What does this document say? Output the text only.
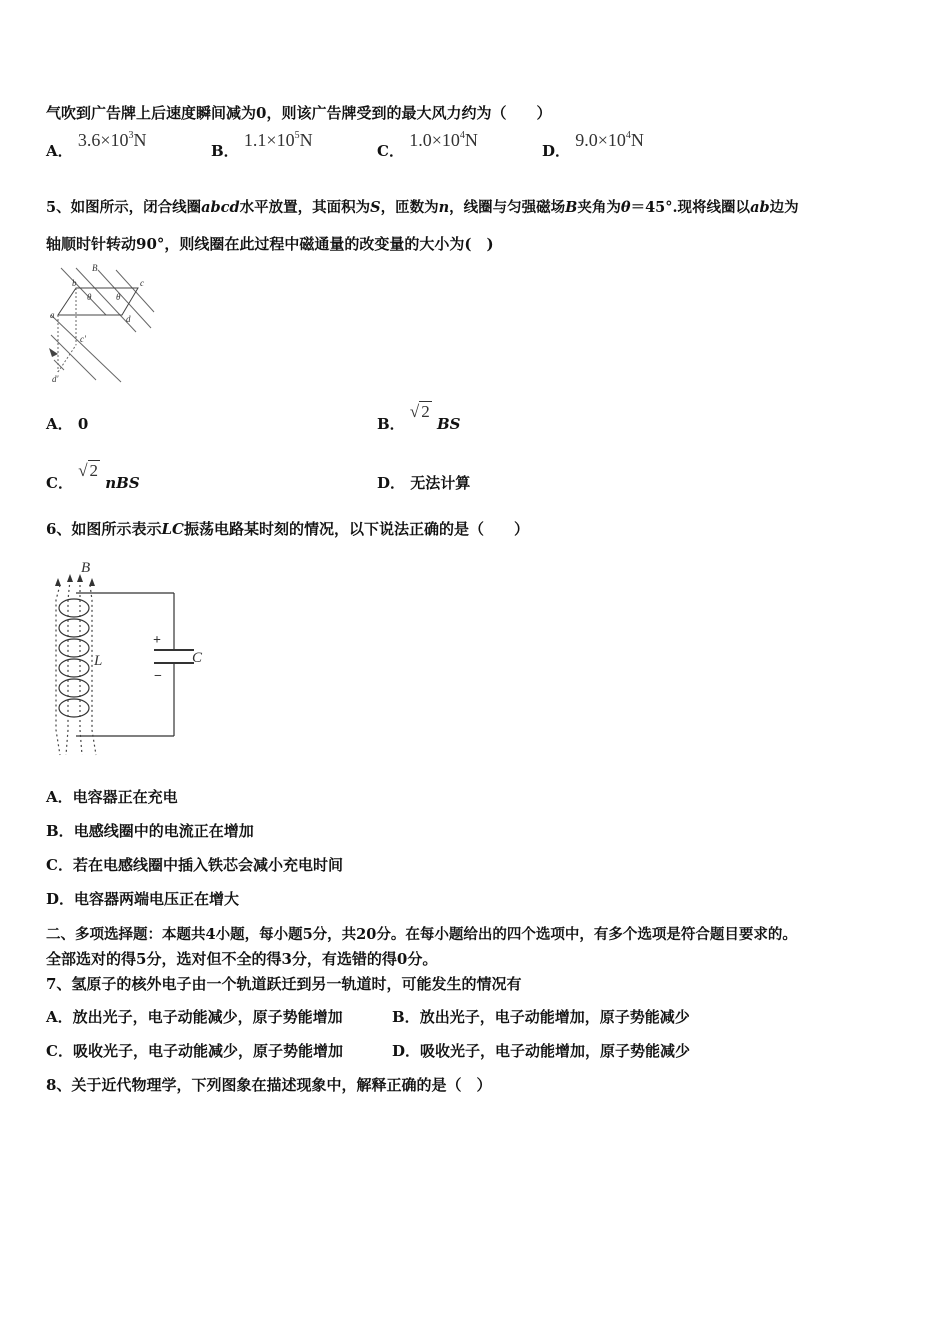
气吹到广告牌上后速度瞬间减为0，则该广告牌受到的最大风力约为（　　）
A． $3.6\times 10^3N$
B． $1.1\times 10^5N$
C． $1.0\times 10^4N$
D． $9.0\times 10^4N$
5、如图所示，闭合线圈abcd水平放置，其面积为S，匝数为n，线圈与匀强磁场B夹角为θ＝45°.现将线圈以ab边为
轴顺时针转动90°，则线圈在此过程中磁通量的改变量的大小为(　)
B
b	c
a	d
θ	θ
c'
d'
A． 0	B． √ 2 BS
C． √ 2 nBS	D． 无法计算
6、如图所示表示LC振荡电路某时刻的情况，以下说法正确的是（　　）
B
L	C
+
−
A．电容器正在充电
B．电感线圈中的电流正在增加
C．若在电感线圈中插入铁芯会减小充电时间
D．电容器两端电压正在增大
二、多项选择题：本题共4小题，每小题5分，共20分。在每小题给出的四个选项中，有多个选项是符合题目要求的。
全部选对的得5分，选对但不全的得3分，有选错的得0分。
7、氢原子的核外电子由一个轨道跃迁到另一轨道时，可能发生的情况有
A．放出光子，电子动能减少，原子势能增加	B．放出光子，电子动能增加，原子势能减少
C．吸收光子，电子动能减少，原子势能增加	D．吸收光子，电子动能增加，原子势能减少
8、关于近代物理学，下列图象在描述现象中，解释正确的是（　）
